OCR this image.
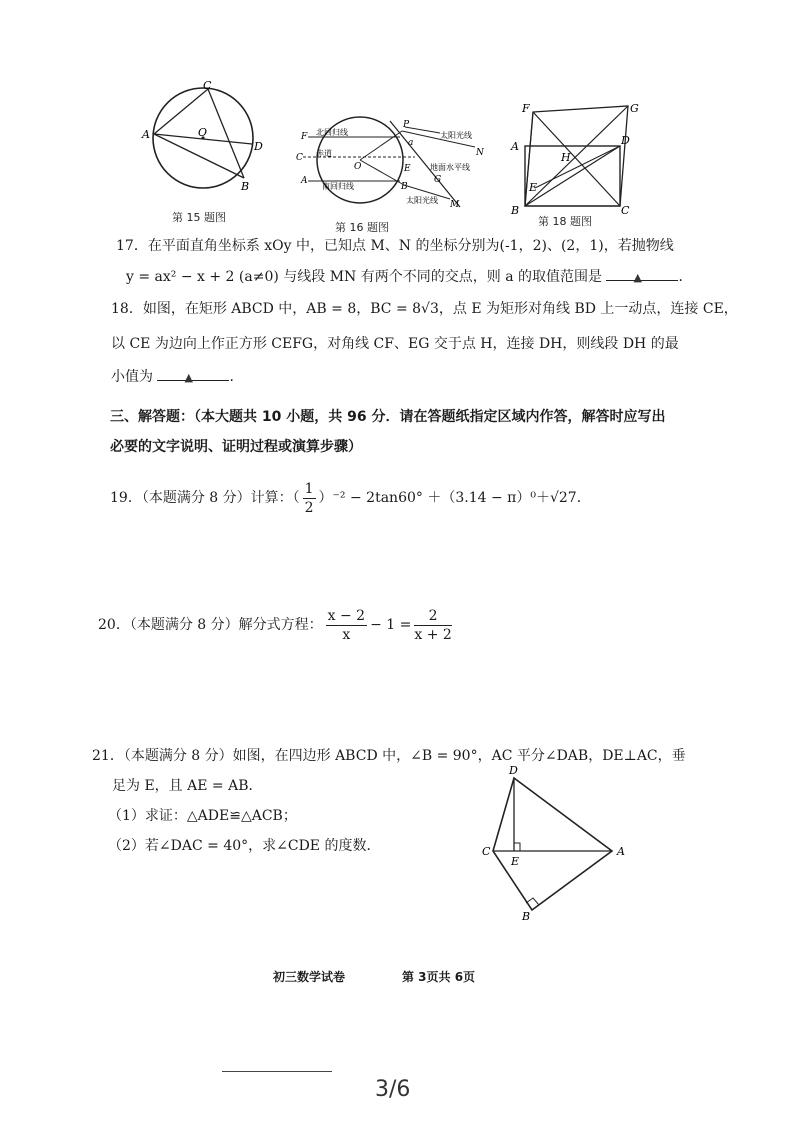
A
C
O
D
B
第 15 题图
北回归线
赤道
南回归线
太阳光线
地面水平线
太阳光线
F
C
A
O
P
a
N
B
G
M
E
第 16 题图
F	G
A	D
H
E
B	C
第 18 题图
17．在平面直角坐标系 xOy 中，已知点 M、N 的坐标分别为(-1，2)、(2，1)，若抛物线
y = ax² − x + 2 (a≠0) 与线段 MN 有两个不同的交点，则 a 的取值范围是	▲	．
18．如图，在矩形 ABCD 中，AB = 8，BC = 8√3，点 E 为矩形对角线 BD 上一动点，连接 CE，
以 CE 为边向上作正方形 CEFG，对角线 CF、EG 交于点 H，连接 DH，则线段 DH 的最
小值为	▲	．
三、解答题：（本大题共 10 小题，共 96 分．请在答题纸指定区域内作答，解答时应写出
必要的文字说明、证明过程或演算步骤）
19．（本题满分 8 分）计算：（ $\frac{1}{2} )^{-2} - 2\tan 60^\circ +(3.14 - \pi)^0+√27$．
20．（本题满分 8 分）解分式方程： $\frac{x - 2}{x} - 1 = \frac{2}{x + 2}$
21．（本题满分 8 分）如图，在四边形 ABCD 中，∠B = 90°，AC 平分∠DAB，DE⊥AC，垂
足为 E，且 AE = AB．
（1）求证：△ADE≌△ACB；
（2）若∠DAC = 40°，求∠CDE 的度数．
D
C
E
A
B
初三数学试卷	第 3页共 6页
3/6
